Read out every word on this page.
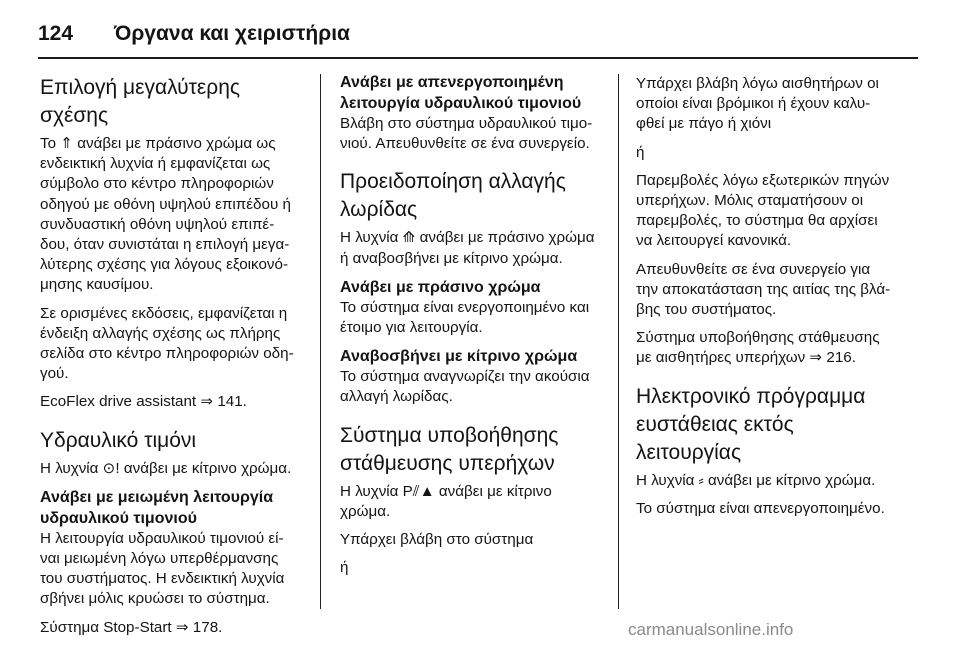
124 Όργανα και χειριστήρια
Επιλογή μεγαλύτερης
σχέσης

Το ⇑ ανάβει με πράσινο χρώμα ως
ενδεικτική λυχνία ή εμφανίζεται ως
σύμβολο στο κέντρο πληροφοριών
οδηγού με οθόνη υψηλού επιπέδου ή
συνδυαστική οθόνη υψηλού επιπέ-
δου, όταν συνιστάται η επιλογή μεγα-
λύτερης σχέσης για λόγους εξοικονό-
μησης καυσίμου.

Σε ορισμένες εκδόσεις, εμφανίζεται η
ένδειξη αλλαγής σχέσης ως πλήρης
σελίδα στο κέντρο πληροφοριών οδη-
γού.

EcoFlex drive assistant ⇒ 141.

Υδραυλικό τιμόνι

Η λυχνία ⊙! ανάβει με κίτρινο χρώμα.

Ανάβει με μειωμένη λειτουργία
υδραυλικού τιμονιού

Η λειτουργία υδραυλικού τιμονιού εί-
ναι μειωμένη λόγω υπερθέρμανσης
του συστήματος. Η ενδεικτική λυχνία
σβήνει μόλις κρυώσει το σύστημα.

Σύστημα Stop-Start ⇒ 178.

Ανάβει με απενεργοποιημένη
λειτουργία υδραυλικού τιμονιού

Βλάβη στο σύστημα υδραυλικού τιμο-
νιού. Απευθυνθείτε σε ένα συνεργείο.

Προειδοποίηση αλλαγής
λωρίδας

Η λυχνία ⟰ ανάβει με πράσινο χρώμα
ή αναβοσβήνει με κίτρινο χρώμα.

Ανάβει με πράσινο χρώμα

Το σύστημα είναι ενεργοποιημένο και
έτοιμο για λειτουργία.

Αναβοσβήνει με κίτρινο χρώμα

Το σύστημα αναγνωρίζει την ακούσια
αλλαγή λωρίδας.

Σύστημα υποβοήθησης
στάθμευσης υπερήχων

Η λυχνία P⫽▲ ανάβει με κίτρινο
χρώμα.

Υπάρχει βλάβη στο σύστημα

ή

Υπάρχει βλάβη λόγω αισθητήρων οι
οποίοι είναι βρόμικοι ή έχουν καλυ-
φθεί με πάγο ή χιόνι

ή

Παρεμβολές λόγω εξωτερικών πηγών
υπερήχων. Μόλις σταματήσουν οι
παρεμβολές, το σύστημα θα αρχίσει
να λειτουργεί κανονικά.

Απευθυνθείτε σε ένα συνεργείο για
την αποκατάσταση της αιτίας της βλά-
βης του συστήματος.

Σύστημα υποβοήθησης στάθμευσης
με αισθητήρες υπερήχων ⇒ 216.

Ηλεκτρονικό πρόγραμμα
ευστάθειας εκτός
λειτουργίας

Η λυχνία ⸗ ανάβει με κίτρινο χρώμα.

Το σύστημα είναι απενεργοποιημένο.

carmanualsonline.info
